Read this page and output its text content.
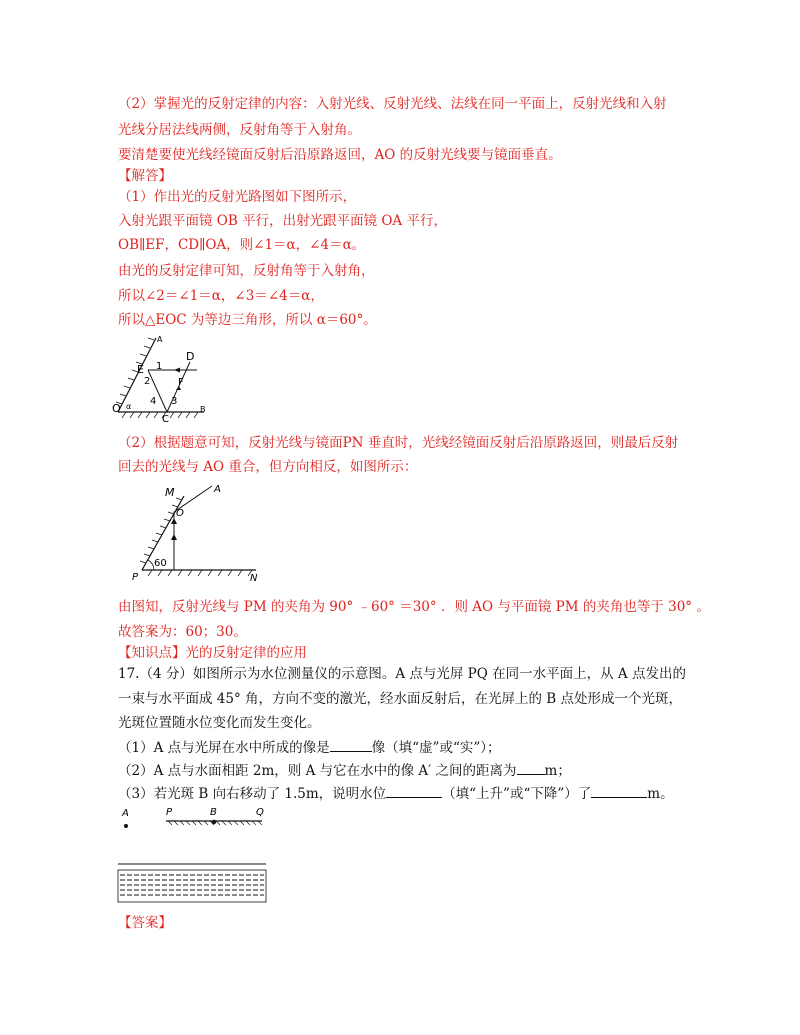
（2）掌握光的反射定律的内容：入射光线、反射光线、法线在同一平面上，反射光线和入射
光线分居法线两侧，反射角等于入射角。
要清楚要使光线经镜面反射后沿原路返回，AO 的反射光线要与镜面垂直。
【解答】
（1）作出光的反射光路图如下图所示，
入射光跟平面镜 OB 平行，出射光跟平面镜 OA 平行，
OB∥EF，CD∥OA，则∠1＝α，∠4＝α。
由光的反射定律可知，反射角等于入射角，
所以∠2＝∠1＝α，∠3＝∠4＝α，
所以△EOC 为等边三角形，所以 α＝60°。
A
D
E 1
F
2
α 4 3
O
C
B
（2）根据题意可知，反射光线与镜面PN 垂直时，光线经镜面反射后沿原路返回，则最后反射
回去的光线与 AO 重合，但方向相反，如图所示：
M	A
O
60
P	N
由图知，反射光线与 PM 的夹角为 90° ﹣60° ＝30° ．则 AO 与平面镜 PM 的夹角也等于 30° 。
故答案为：60；30。
【知识点】光的反射定律的应用
17.（4 分）如图所示为水位测量仪的示意图。A 点与光屏 PQ 在同一水平面上，从 A 点发出的
一束与水平面成 45° 角，方向不变的激光，经水面反射后，在光屏上的 B 点处形成一个光斑，
光斑位置随水位变化而发生变化。
（1）A 点与光屏在水中所成的像是	像（填“虚”或“实”）；
（2）A 点与水面相距 2m，则 A 与它在水中的像 A′ 之间的距离为 m；
（3）若光斑 B 向右移动了 1.5m，说明水位	（填“上升”或“下降”）了	m。
A	P	B	Q
【答案】
